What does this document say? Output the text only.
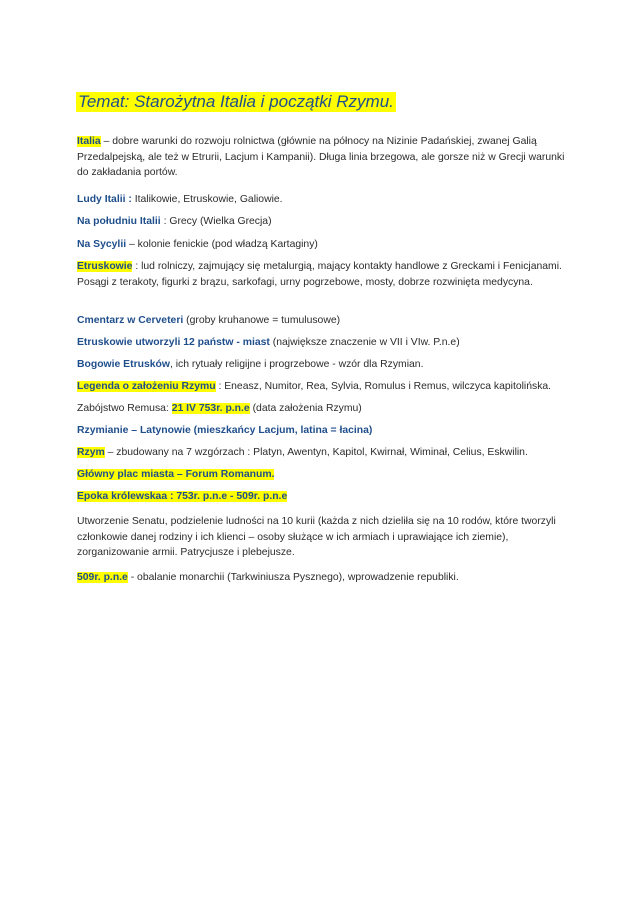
Temat: Starożytna Italia i początki Rzymu.

Italia – dobre warunki do rozwoju rolnictwa (głównie na północy na Nizinie Padańskiej, zwanej Galią Przedalpejską, ale też w Etrurii, Lacjum i Kampanii). Długa linia brzegowa, ale gorsze niż w Grecji warunki do zakładania portów.

Ludy Italii : Italikowie, Etruskowie, Galiowie.

Na południu Italii : Grecy (Wielka Grecja)

Na Sycylii – kolonie fenickie (pod władzą Kartaginy)

Etruskowie : lud rolniczy, zajmujący się metalurgią, mający kontakty handlowe z Greckami i Fenicjanami. Posągi z terakoty, figurki z brązu, sarkofagi, urny pogrzebowe, mosty, dobrze rozwinięta medycyna.

Cmentarz w Cerveteri (groby kruhanowe = tumulusowe)

Etruskowie utworzyli 12 państw - miast (największe znaczenie w VII i VIw. P.n.e)

Bogowie Etrusków, ich rytuały religijne i progrzebowe - wzór dla Rzymian.

Legenda o założeniu Rzymu : Eneasz, Numitor, Rea, Sylvia, Romulus i Remus, wilczyca kapitolińska.

Zabójstwo Remusa: 21 IV 753r. p.n.e (data założenia Rzymu)

Rzymianie – Latynowie (mieszkańcy Lacjum, latina = łacina)

Rzym – zbudowany na 7 wzgórzach : Platyn, Awentyn, Kapitol, Kwirnał, Wiminał, Celius, Eskwilin.

Główny plac miasta – Forum Romanum.

Epoka królewskaa : 753r. p.n.e - 509r. p.n.e

Utworzenie Senatu, podzielenie ludności na 10 kurii (każda z nich dzieliła się na 10 rodów, które tworzyli członkowie danej rodziny i ich klienci – osoby służące w ich armiach i uprawiające ich ziemie), zorganizowanie armii. Patrycjusze i plebejusze.

509r. p.n.e - obalanie monarchii (Tarkwiniusza Pysznego), wprowadzenie republiki.
